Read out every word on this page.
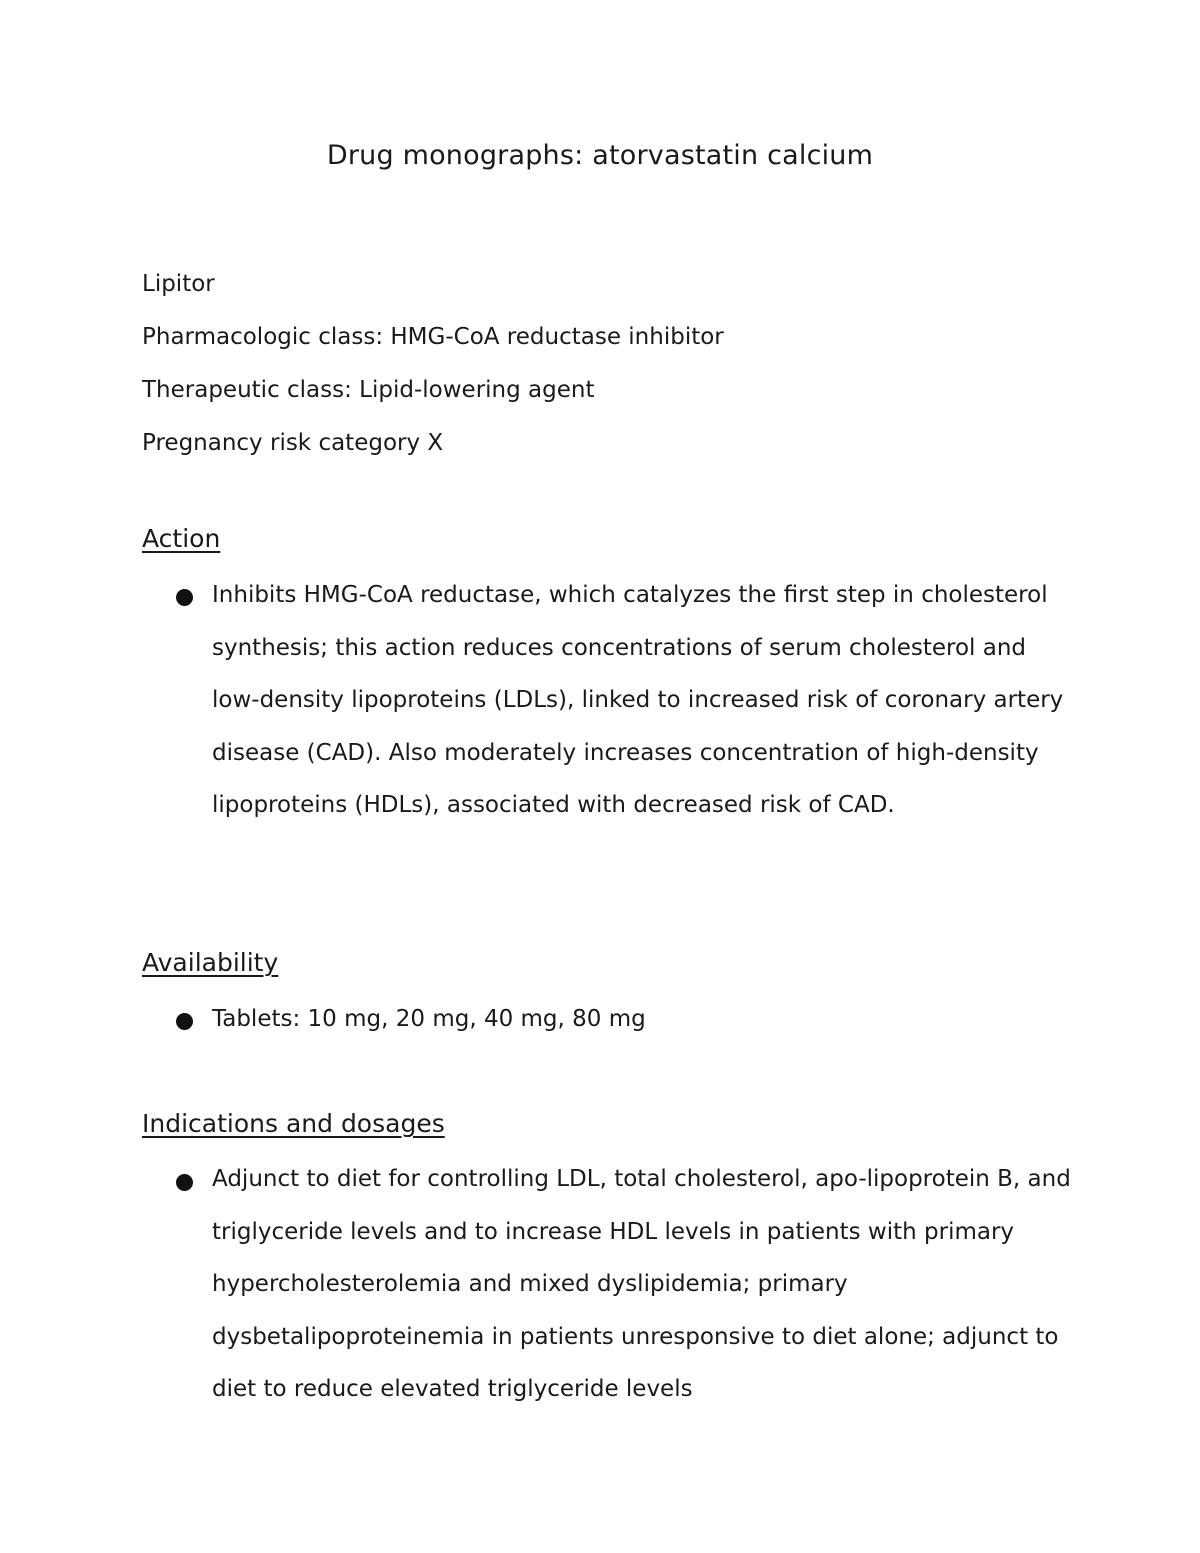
Drug monographs: atorvastatin calcium
Lipitor
Pharmacologic class: HMG-CoA reductase inhibitor
Therapeutic class: Lipid-lowering agent
Pregnancy risk category X
Action

Inhibits HMG-CoA reductase, which catalyzes the first step in cholesterol synthesis; this action reduces concentrations of serum cholesterol and low-density lipoproteins (LDLs), linked to increased risk of coronary artery disease (CAD). Also moderately increases concentration of high-density lipoproteins (HDLs), associated with decreased risk of CAD.

Availability

Tablets: 10 mg, 20 mg, 40 mg, 80 mg

Indications and dosages

Adjunct to diet for controlling LDL, total cholesterol, apo-lipoprotein B, and triglyceride levels and to increase HDL levels in patients with primary hypercholesterolemia and mixed dyslipidemia; primary dysbetalipoproteinemia in patients unresponsive to diet alone; adjunct to diet to reduce elevated triglyceride levels
